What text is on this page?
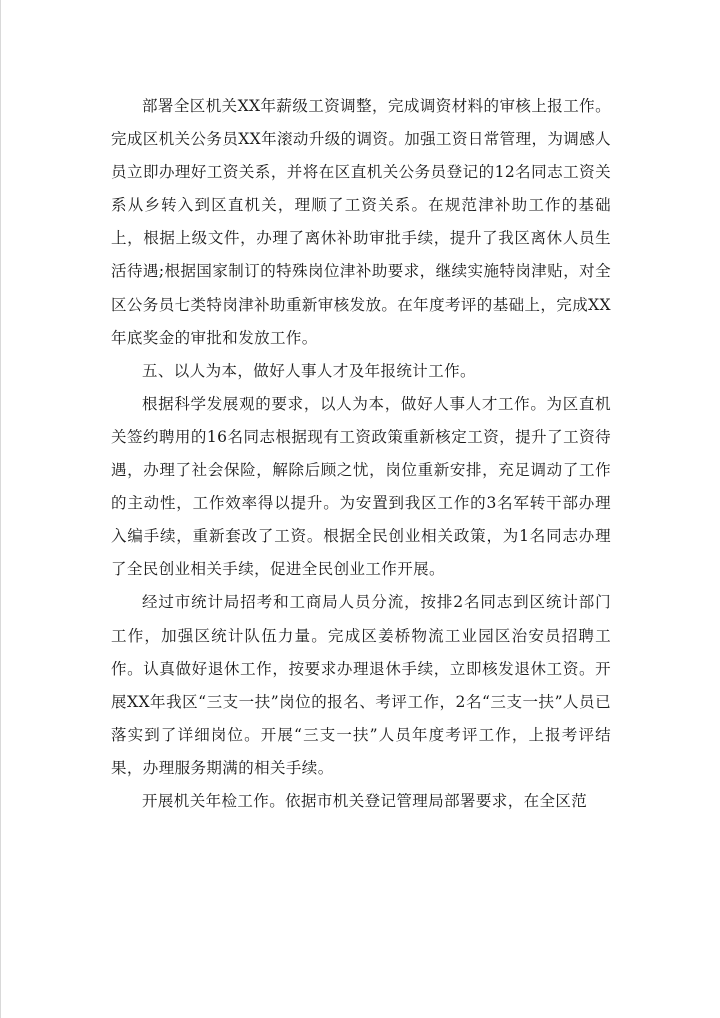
部署全区机关XX年薪级工资调整，完成调资材料的审核上报工作。完成区机关公务员XX年滚动升级的调资。加强工资日常管理，为调感人员立即办理好工资关系，并将在区直机关公务员登记的12名同志工资关系从乡转入到区直机关，理顺了工资关系。在规范津补助工作的基础上，根据上级文件，办理了离休补助审批手续，提升了我区离休人员生活待遇;根据国家制订的特殊岗位津补助要求，继续实施特岗津贴，对全区公务员七类特岗津补助重新审核发放。在年度考评的基础上，完成XX年底奖金的审批和发放工作。

五、以人为本，做好人事人才及年报统计工作。

根据科学发展观的要求，以人为本，做好人事人才工作。为区直机关签约聘用的16名同志根据现有工资政策重新核定工资，提升了工资待遇，办理了社会保险，解除后顾之忧，岗位重新安排，充足调动了工作的主动性，工作效率得以提升。为安置到我区工作的3名军转干部办理入编手续，重新套改了工资。根据全民创业相关政策，为1名同志办理了全民创业相关手续，促进全民创业工作开展。

经过市统计局招考和工商局人员分流，按排2名同志到区统计部门工作，加强区统计队伍力量。完成区姜桥物流工业园区治安员招聘工作。认真做好退休工作，按要求办理退休手续，立即核发退休工资。开展XX年我区“三支一扶”岗位的报名、考评工作，2名“三支一扶”人员已落实到了详细岗位。开展“三支一扶”人员年度考评工作，上报考评结果，办理服务期满的相关手续。

开展机关年检工作。依据市机关登记管理局部署要求，在全区范
